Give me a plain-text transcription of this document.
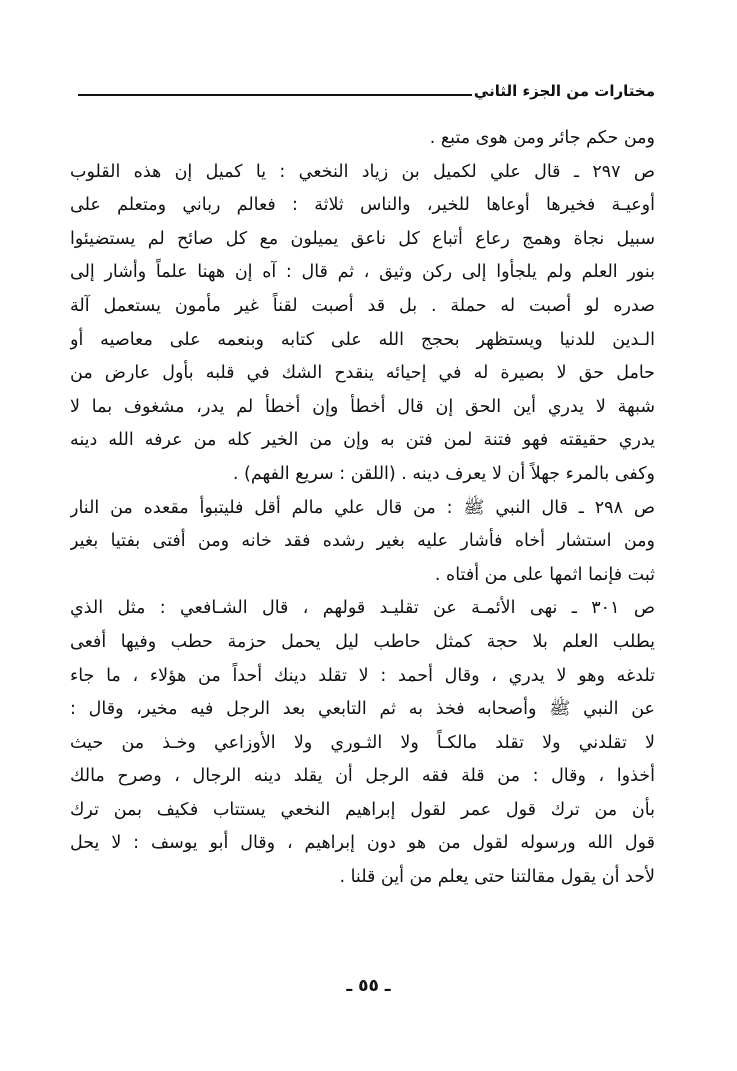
مختارات من الجزء الثاني
ومن حكم جائر ومن هوى متبع .
ص ٢٩٧ ـ قال علي لكميل بن زياد النخعي : يا كميل إن هذه القلوب
أوعيـة فخيرها أوعاها للخير، والناس ثلاثة : فعالم رباني ومتعلم على
سبيل نجاة وهمج رعاع أتباع كل ناعق يميلون مع كل صائح لم يستضيئوا
بنور العلم ولم يلجأوا إلى ركن وثيق ، ثم قال : آه إن ههنا علماً وأشار إلى
صدره لو أصبت له حملة . بل قد أصبت لقناً غير مأمون يستعمل آلة
الـدين للدنيا ويستظهر بحجج الله على كتابه وبنعمه على معاصيه أو
حامل حق لا بصيرة له في إحيائه ينقدح الشك في قلبه بأول عارض من
شبهة لا يدري أين الحق إن قال أخطأ وإن أخطأ لم يدر، مشغوف بما لا
يدري حقيقته فهو فتنة لمن فتن به وإن من الخير كله من عرفه الله دينه
وكفى بالمرء جهلاً أن لا يعرف دينه . (اللقن : سريع الفهم) .
ص ٢٩٨ ـ قال النبي ﷺ : من قال علي مالم أقل فليتبوأ مقعده من النار
ومن استشار أخاه فأشار عليه بغير رشده فقد خانه ومن أفتى بفتيا بغير
ثبت فإنما اثمها على من أفتاه .
ص ٣٠١ ـ نهى الأئمـة عن تقليـد قولهم ، قال الشـافعي : مثل الذي
يطلب العلم بلا حجة كمثل حاطب ليل يحمل حزمة حطب وفيها أفعى
تلدغه وهو لا يدري ، وقال أحمد : لا تقلد دينك أحداً من هؤلاء ، ما جاء
عن النبي ﷺ وأصحابه فخذ به ثم التابعي بعد الرجل فيه مخير، وقال :
لا تقلدني ولا تقلد مالكـاً ولا الثـوري ولا الأوزاعي وخـذ من حيث
أخذوا ، وقال : من قلة فقه الرجل أن يقلد دينه الرجال ، وصرح مالك
بأن من ترك قول عمر لقول إبراهيم النخعي يستتاب فكيف بمن ترك
قول الله ورسوله لقول من هو دون إبراهيم ، وقال أبو يوسف : لا يحل
لأحد أن يقول مقالتنا حتى يعلم من أين قلنا .
ـ ٥٥ ـ
